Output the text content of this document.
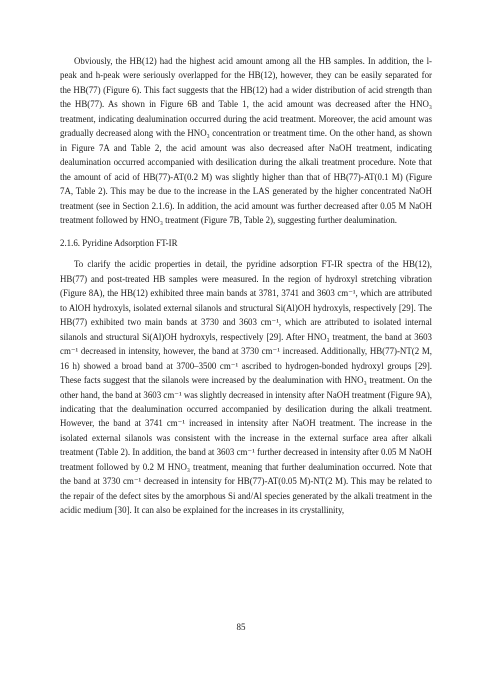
Obviously, the HB(12) had the highest acid amount among all the HB samples. In addition, the l-peak and h-peak were seriously overlapped for the HB(12), however, they can be easily separated for the HB(77) (Figure 6). This fact suggests that the HB(12) had a wider distribution of acid strength than the HB(77). As shown in Figure 6B and Table 1, the acid amount was decreased after the HNO₃ treatment, indicating dealumination occurred during the acid treatment. Moreover, the acid amount was gradually decreased along with the HNO₃ concentration or treatment time. On the other hand, as shown in Figure 7A and Table 2, the acid amount was also decreased after NaOH treatment, indicating dealumination occurred accompanied with desilication during the alkali treatment procedure. Note that the amount of acid of HB(77)-AT(0.2 M) was slightly higher than that of HB(77)-AT(0.1 M) (Figure 7A, Table 2). This may be due to the increase in the LAS generated by the higher concentrated NaOH treatment (see in Section 2.1.6). In addition, the acid amount was further decreased after 0.05 M NaOH treatment followed by HNO₃ treatment (Figure 7B, Table 2), suggesting further dealumination.

2.1.6. Pyridine Adsorption FT-IR

To clarify the acidic properties in detail, the pyridine adsorption FT-IR spectra of the HB(12), HB(77) and post-treated HB samples were measured. In the region of hydroxyl stretching vibration (Figure 8A), the HB(12) exhibited three main bands at 3781, 3741 and 3603 cm⁻¹, which are attributed to AlOH hydroxyls, isolated external silanols and structural Si(Al)OH hydroxyls, respectively [29]. The HB(77) exhibited two main bands at 3730 and 3603 cm⁻¹, which are attributed to isolated internal silanols and structural Si(Al)OH hydroxyls, respectively [29]. After HNO₃ treatment, the band at 3603 cm⁻¹ decreased in intensity, however, the band at 3730 cm⁻¹ increased. Additionally, HB(77)-NT(2 M, 16 h) showed a broad band at 3700–3500 cm⁻¹ ascribed to hydrogen-bonded hydroxyl groups [29]. These facts suggest that the silanols were increased by the dealumination with HNO₃ treatment. On the other hand, the band at 3603 cm⁻¹ was slightly decreased in intensity after NaOH treatment (Figure 9A), indicating that the dealumination occurred accompanied by desilication during the alkali treatment. However, the band at 3741 cm⁻¹ increased in intensity after NaOH treatment. The increase in the isolated external silanols was consistent with the increase in the external surface area after alkali treatment (Table 2). In addition, the band at 3603 cm⁻¹ further decreased in intensity after 0.05 M NaOH treatment followed by 0.2 M HNO₃ treatment, meaning that further dealumination occurred. Note that the band at 3730 cm⁻¹ decreased in intensity for HB(77)-AT(0.05 M)-NT(2 M). This may be related to the repair of the defect sites by the amorphous Si and/Al species generated by the alkali treatment in the acidic medium [30]. It can also be explained for the increases in its crystallinity,

85
